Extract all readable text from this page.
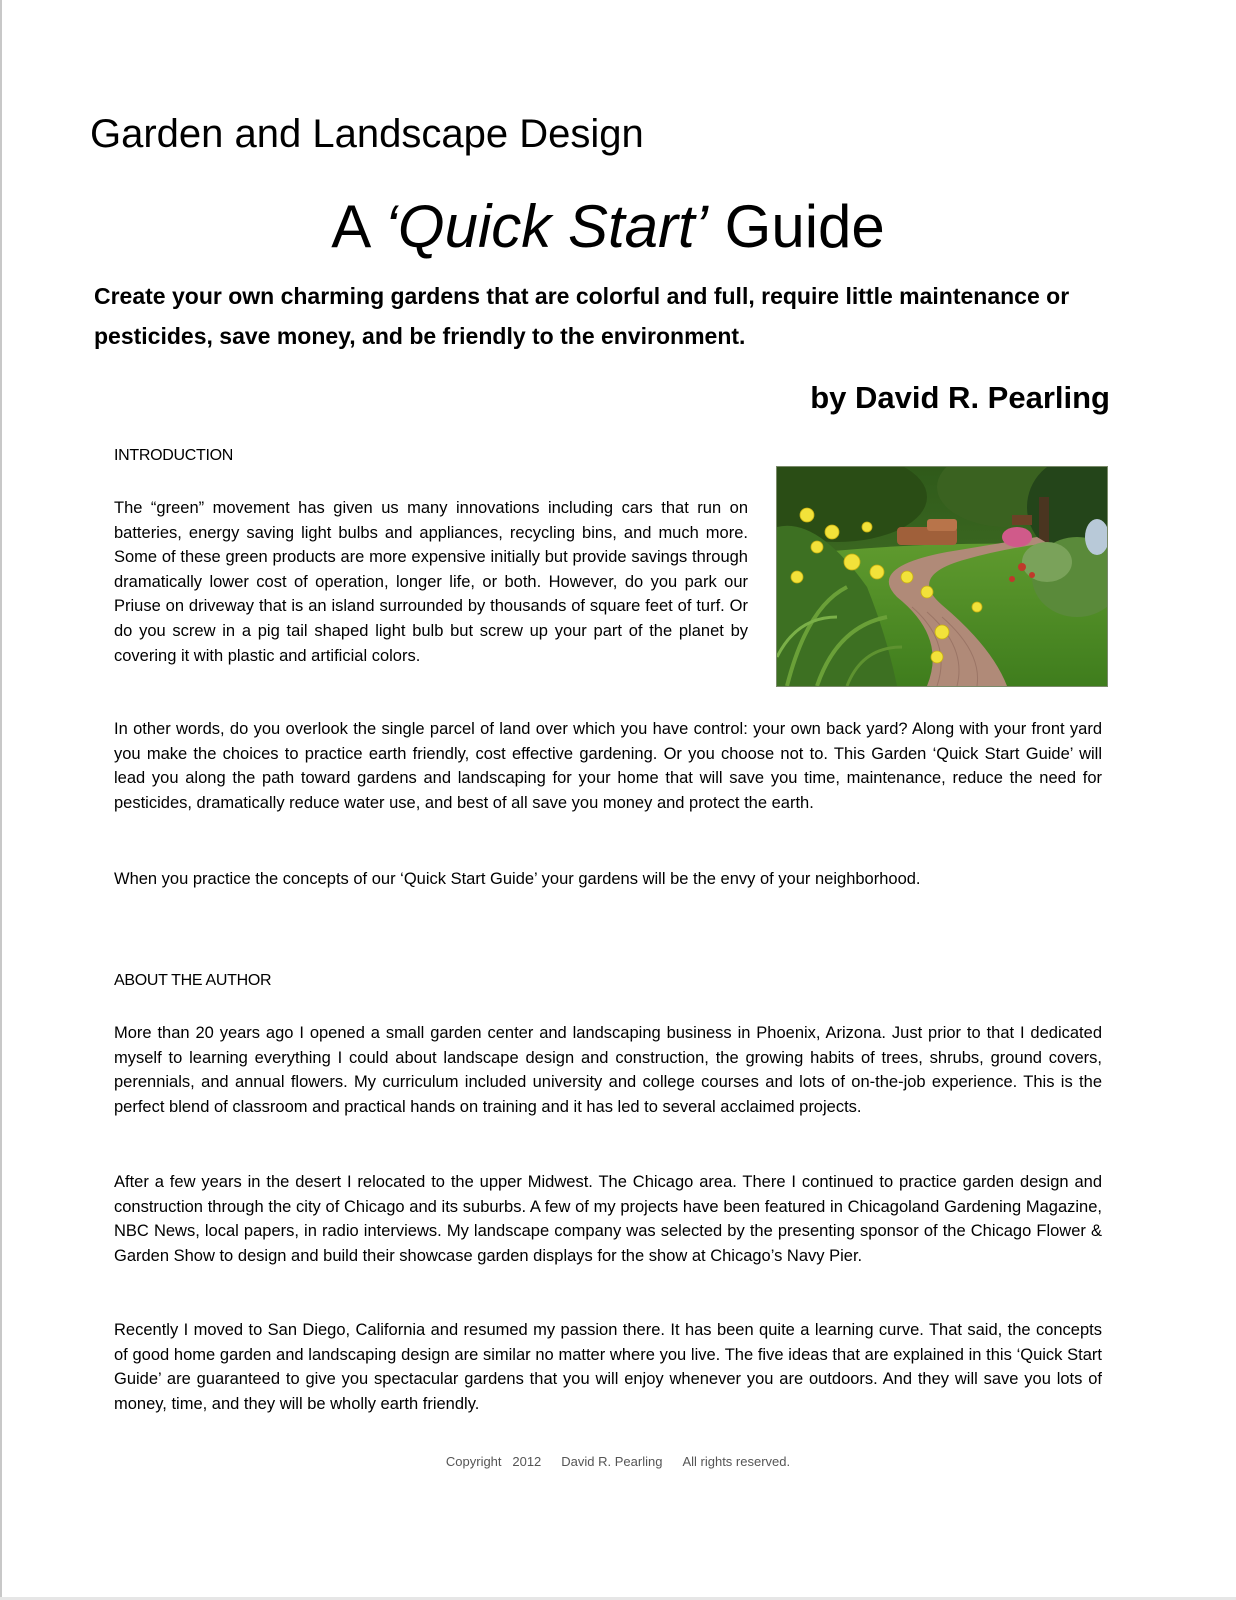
Garden and Landscape Design
A ‘Quick Start’ Guide
Create your own charming gardens that are colorful and full, require little maintenance or pesticides, save money, and be friendly to the environment.
by David R. Pearling
INTRODUCTION

The “green” movement has given us many innovations including cars that run on batteries, energy saving light bulbs and appliances, recycling bins, and much more. Some of these green products are more expensive initially but provide savings through dramatically lower cost of operation, longer life, or both. However, do you park our Priuse on driveway that is an island surrounded by thousands of square feet of turf. Or do you screw in a pig tail shaped light bulb but screw up your part of the planet by covering it with plastic and artificial colors.

In other words, do you overlook the single parcel of land over which you have control: your own back yard? Along with your front yard you make the choices to practice earth friendly, cost effective gardening. Or you choose not to. This Garden ‘Quick Start Guide’ will lead you along the path toward gardens and landscaping for your home that will save you time, maintenance, reduce the need for pesticides, dramatically reduce water use, and best of all save you money and protect the earth.

When you practice the concepts of our ‘Quick Start Guide’ your gardens will be the envy of your neighborhood.

ABOUT THE AUTHOR

More than 20 years ago I opened a small garden center and landscaping business in Phoenix, Arizona. Just prior to that I dedicated myself to learning everything I could about landscape design and construction, the growing habits of trees, shrubs, ground covers, perennials, and annual flowers. My curriculum included university and college courses and lots of on-the-job experience. This is the perfect blend of classroom and practical hands on training and it has led to several acclaimed projects.

After a few years in the desert I relocated to the upper Midwest. The Chicago area. There I continued to practice garden design and construction through the city of Chicago and its suburbs. A few of my projects have been featured in Chicagoland Gardening Magazine, NBC News, local papers, in radio interviews. My landscape company was selected by the presenting sponsor of the Chicago Flower & Garden Show to design and build their showcase garden displays for the show at Chicago’s Navy Pier.

Recently I moved to San Diego, California and resumed my passion there. It has been quite a learning curve. That said, the concepts of good home garden and landscaping design are similar no matter where you live. The five ideas that are explained in this ‘Quick Start Guide’ are guaranteed to give you spectacular gardens that you will enjoy whenever you are outdoors. And they will save you lots of money, time, and they will be wholly earth friendly.

Copyright   2012 David R. Pearling All rights reserved.
